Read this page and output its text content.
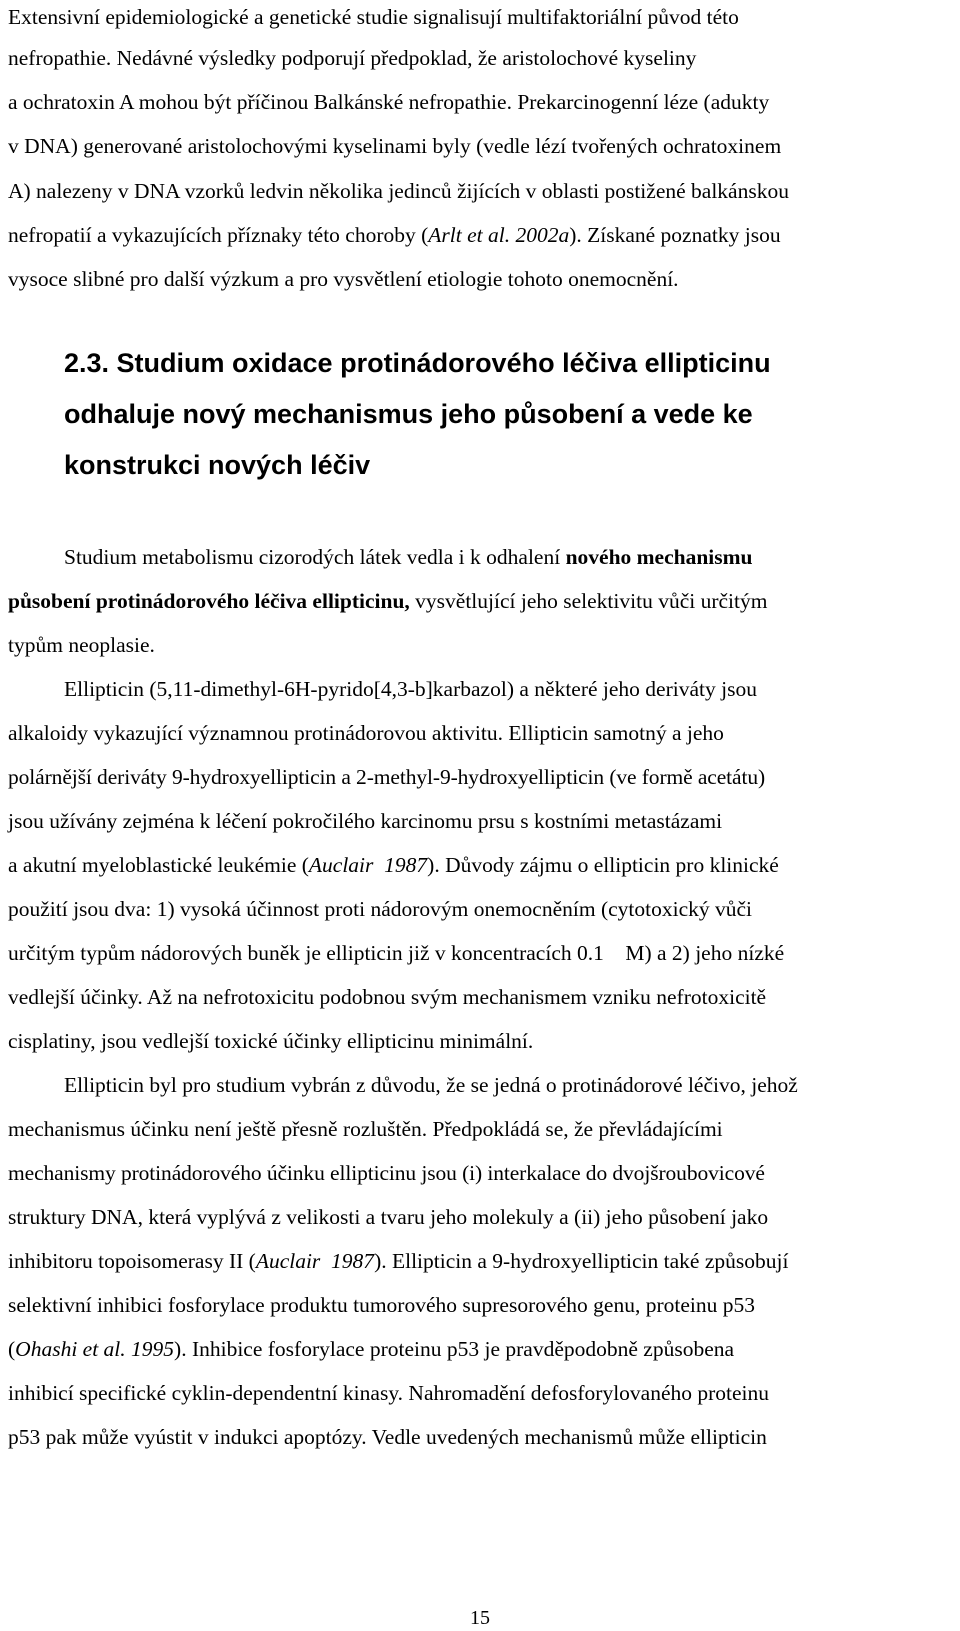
Extensivní epidemiologické a genetické studie signalisují multifaktoriální původ této
nefropathie. Nedávné výsledky podporují předpoklad, že aristolochové kyseliny
a ochratoxin A mohou být příčinou Balkánské nefropathie. Prekarcinogenní léze (adukty
v DNA) generované aristolochovými kyselinami byly (vedle lézí tvořených ochratoxinem
A) nalezeny v DNA vzorků ledvin několika jedinců žijících v oblasti postižené balkánskou
nefropatií a vykazujících příznaky této choroby (Arlt et al. 2002a). Získané poznatky jsou
vysoce slibné pro další výzkum a pro vysvětlení etiologie tohoto onemocnění.
2.3. Studium oxidace protinádorového léčiva ellipticinu
odhaluje nový mechanismus jeho působení a vede ke
konstrukci nových léčiv
Studium metabolismu cizorodých látek vedla i k odhalení nového mechanismu
působení protinádorového léčiva ellipticinu, vysvětlující jeho selektivitu vůči určitým
typům neoplasie.
Ellipticin (5,11-dimethyl-6H-pyrido[4,3-b]karbazol) a některé jeho deriváty jsou
alkaloidy vykazující významnou protinádorovou aktivitu. Ellipticin samotný a jeho
polárnější deriváty 9-hydroxyellipticin a 2-methyl-9-hydroxyellipticin (ve formě acetátu)
jsou užívány zejména k léčení pokročilého karcinomu prsu s kostními metastázami
a akutní myeloblastické leukémie (Auclair  1987). Důvody zájmu o ellipticin pro klinické
použití jsou dva: 1) vysoká účinnost proti nádorovým onemocněním (cytotoxický vůči
určitým typům nádorových buněk je ellipticin již v koncentracích 0.1    M) a 2) jeho nízké
vedlejší účinky. Až na nefrotoxicitu podobnou svým mechanismem vzniku nefrotoxicitě
cisplatiny, jsou vedlejší toxické účinky ellipticinu minimální.
Ellipticin byl pro studium vybrán z důvodu, že se jedná o protinádorové léčivo, jehož
mechanismus účinku není ještě přesně rozluštěn. Předpokládá se, že převládajícími
mechanismy protinádorového účinku ellipticinu jsou (i) interkalace do dvojšroubovicové
struktury DNA, která vyplývá z velikosti a tvaru jeho molekuly a (ii) jeho působení jako
inhibitoru topoisomerasy II (Auclair  1987). Ellipticin a 9-hydroxyellipticin také způsobují
selektivní inhibici fosforylace produktu tumorového supresorového genu, proteinu p53
(Ohashi et al. 1995). Inhibice fosforylace proteinu p53 je pravděpodobně způsobena
inhibicí specifické cyklin-dependentní kinasy. Nahromadění defosforylovaného proteinu
p53 pak může vyústit v indukci apoptózy. Vedle uvedených mechanismů může ellipticin
15
